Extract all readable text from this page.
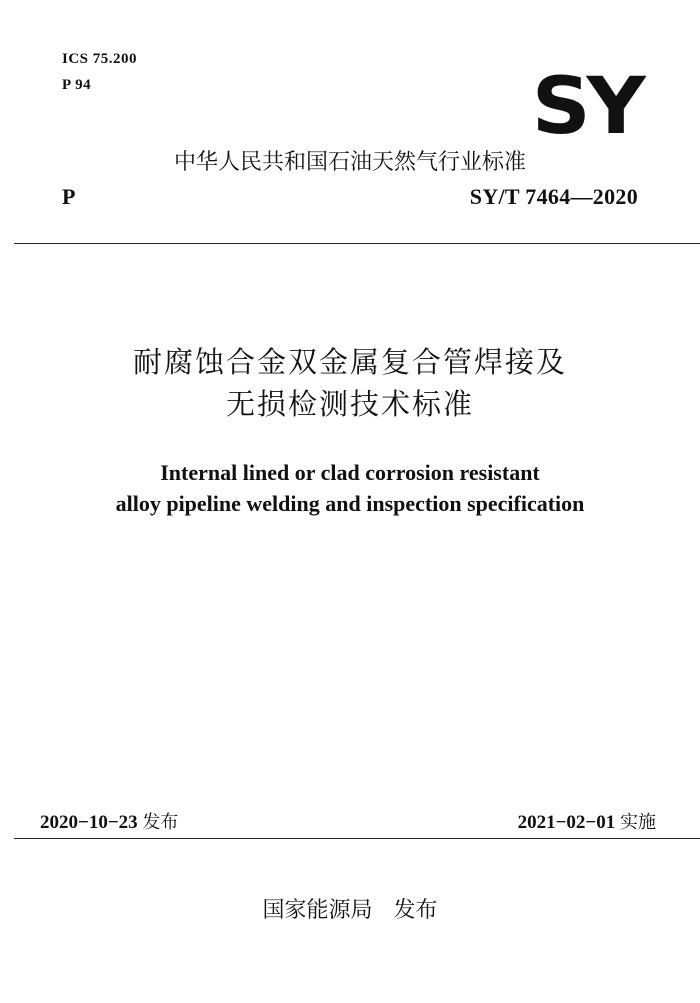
ICS 75.200
P 94	SY
中华人民共和国石油天然气行业标准
P	SY/T 7464—2020
耐腐蚀合金双金属复合管焊接及
无损检测技术标准
Internal lined or clad corrosion resistant
alloy pipeline welding and inspection specification
2020−10−23 发布	2021−02−01 实施
国家能源局 发布
